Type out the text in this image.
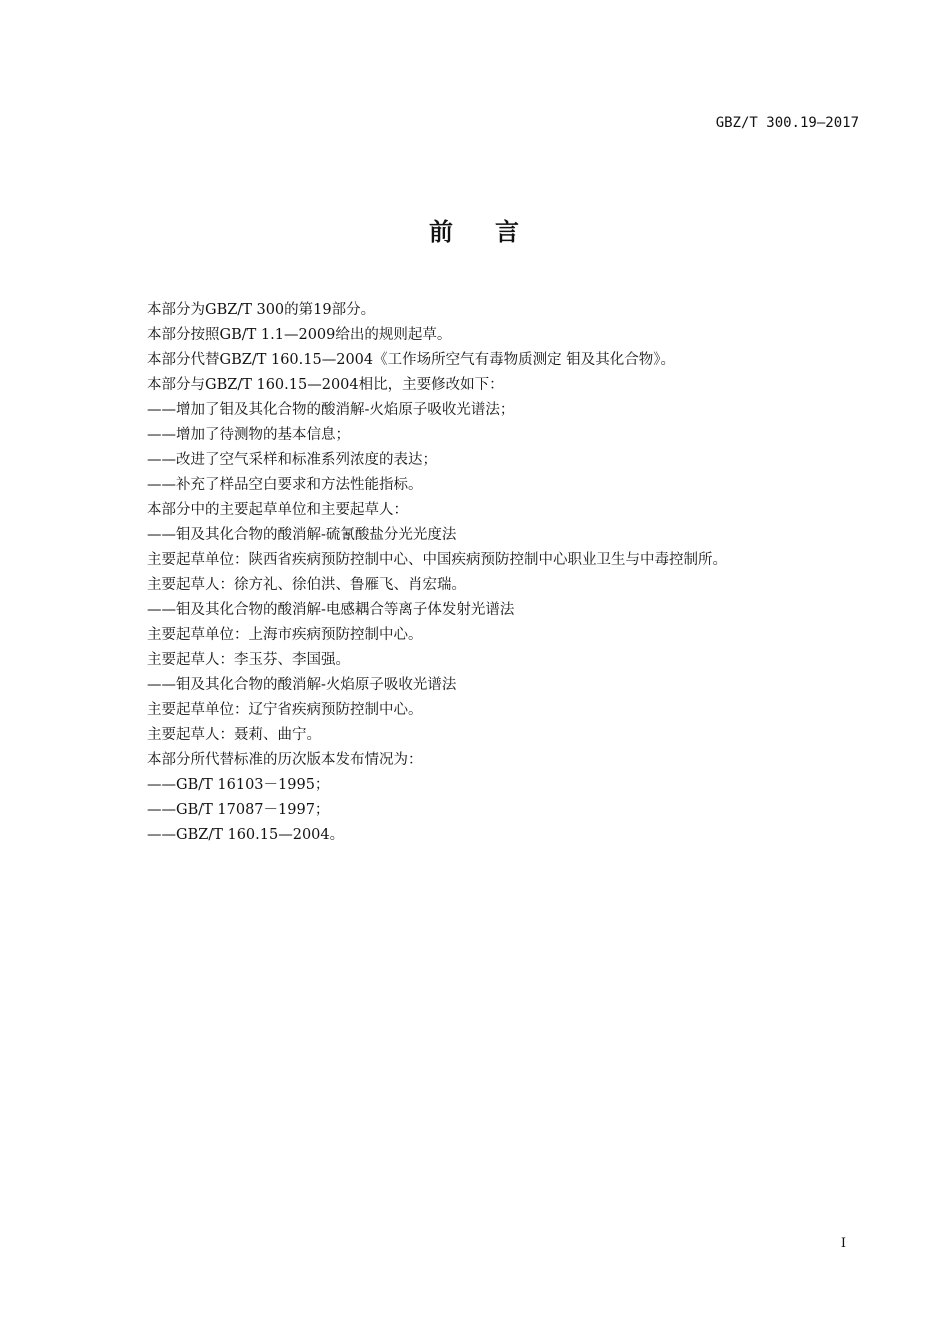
GBZ/T 300.19—2017
前 言
本部分为GBZ/T 300的第19部分。
本部分按照GB/T 1.1—2009给出的规则起草。
本部分代替GBZ/T 160.15—2004《工作场所空气有毒物质测定 钼及其化合物》。
本部分与GBZ/T 160.15—2004相比，主要修改如下：
——增加了钼及其化合物的酸消解-火焰原子吸收光谱法；
——增加了待测物的基本信息；
——改进了空气采样和标准系列浓度的表达；
——补充了样品空白要求和方法性能指标。
本部分中的主要起草单位和主要起草人：
——钼及其化合物的酸消解-硫氰酸盐分光光度法
主要起草单位：陕西省疾病预防控制中心、中国疾病预防控制中心职业卫生与中毒控制所。
主要起草人：徐方礼、徐伯洪、鲁雁飞、肖宏瑞。
——钼及其化合物的酸消解-电感耦合等离子体发射光谱法
主要起草单位：上海市疾病预防控制中心。
主要起草人：李玉芬、李国强。
——钼及其化合物的酸消解-火焰原子吸收光谱法
主要起草单位：辽宁省疾病预防控制中心。
主要起草人：聂莉、曲宁。
本部分所代替标准的历次版本发布情况为：
——GB/T 16103－1995；
——GB/T 17087－1997；
——GBZ/T 160.15—2004。
I
